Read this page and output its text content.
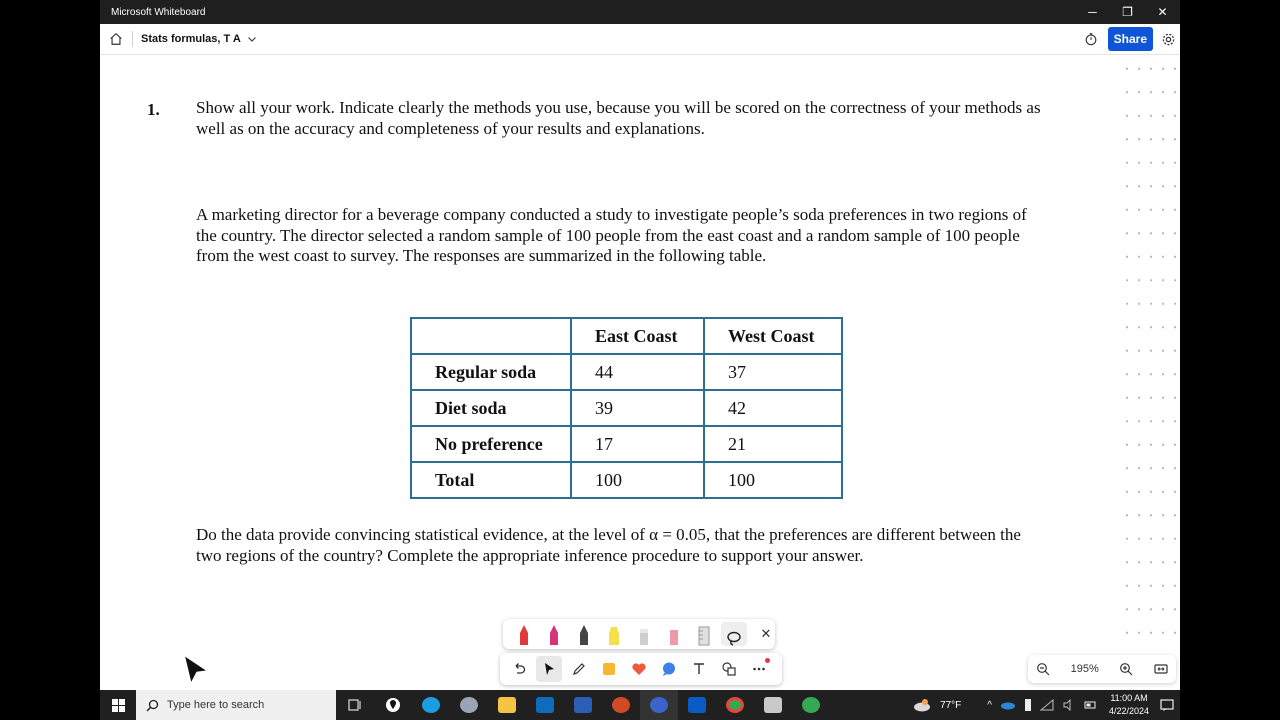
Microsoft Whiteboard	─	❐	✕
Stats formulas, T A	Share
1. Show all your work. Indicate clearly the methods you use, because you will be scored on the correctness of your methods as well as on the accuracy and completeness of your results and explanations.
A marketing director for a beverage company conducted a study to investigate people’s soda preferences in two regions of the country. The director selected a random sample of 100 people from the east coast and a random sample of 100 people from the west coast to survey. The responses are summarized in the following table.
	East Coast	West Coast
Regular soda	44	37
Diet soda	39	42
No preference	17	21
Total	100	100
Do the data provide convincing statistical evidence, at the level of α = 0.05, that the preferences are different between the two regions of the country? Complete the appropriate inference procedure to support your answer.
✕
195%
Type here to search	77°F	^
11:00 AM
4/22/2024
